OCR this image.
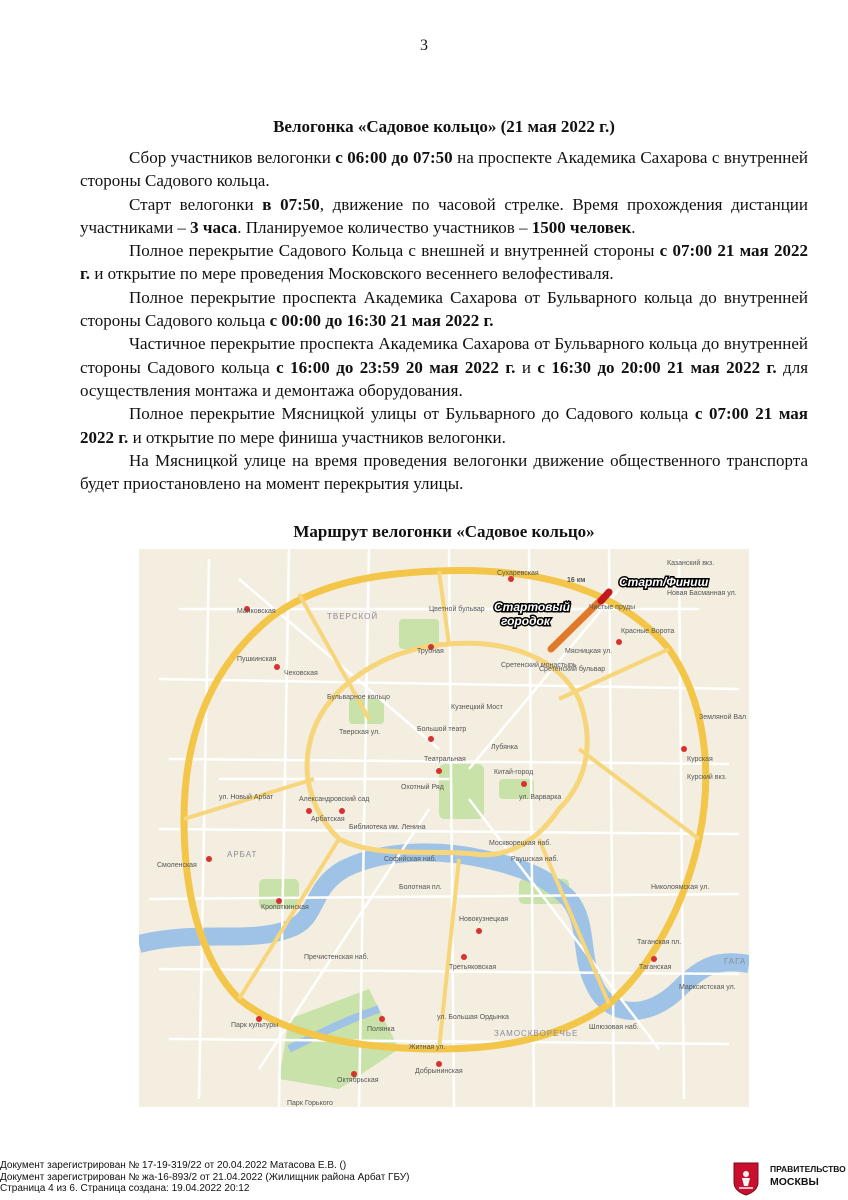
3
Велогонка «Садовое кольцо» (21 мая 2022 г.)

Сбор участников велогонки с 06:00 до 07:50 на проспекте Академика Сахарова с внутренней стороны Садового кольца.

Старт велогонки в 07:50, движение по часовой стрелке. Время прохождения дистанции участниками – 3 часа. Планируемое количество участников – 1500 человек.

Полное перекрытие Садового Кольца с внешней и внутренней стороны с 07:00 21 мая 2022 г. и открытие по мере проведения Московского весеннего велофестиваля.

Полное перекрытие проспекта Академика Сахарова от Бульварного кольца до внутренней стороны Садового кольца с 00:00 до 16:30 21 мая 2022 г.

Частичное перекрытие проспекта Академика Сахарова от Бульварного кольца до внутренней стороны Садового кольца с 16:00 до 23:59 20 мая 2022 г. и с 16:30 до 20:00 21 мая 2022 г. для осуществления монтажа и демонтажа оборудования.

Полное перекрытие Мясницкой улицы от Бульварного до Садового кольца с 07:00 21 мая 2022 г. и открытие по мере финиша участников велогонки.

На Мясницкой улице на время проведения велогонки движение общественного транспорта будет приостановлено на момент перекрытия улицы.

Маршрут велогонки «Садовое кольцо»
ТВЕРСКОЙ
АРБАТ
ЗАМОСКВОРЕЧЬЕ
ГАГА
Сухаревская
Цветной бульвар
Трубная
Сретенский монастырь
Сретенский бульвар
Чистые пруды
Красные Ворота
Пушкинская
Чеховская
Маяковская
Кузнецкий Мост
Лубянка
Большой театр
Театральная
Китай-город
Охотный Ряд
Александровский сад
Арбатская
Библиотека им. Ленина
Смоленская
Кропоткинская
Парк культуры
Парк Горького
Октябрьская
Добрынинская
Полянка
Третьяковская
Новокузнецкая
Таганская
Курская
Москворецкая наб.
Раушская наб.
Софийская наб.
Пречистенская наб.
ул. Новый Арбат
Бульварное кольцо
ул. Большая Ордынка
Николоямская ул.
Марксистская ул.
Курский вкз.
Казанский вкз.
Новая Басманная ул.
Земляной Вал
Таганская пл.
Житная ул.
Шлюзовая наб.
Болотная пл.
Мясницкая ул.
Тверская ул.
ул. Варварка
16 км	Старт/Финиш
Стартовый
городок
Документ зарегистрирован № 17-19-319/22 от 20.04.2022 Матасова Е.В. ()
Документ зарегистрирован № жа-16-893/2 от 21.04.2022 (Жилищник района Арбат ГБУ)
Страница 4 из 6. Страница создана: 19.04.2022 20:12
ПРАВИТЕЛЬСТВО
МОСКВЫ
